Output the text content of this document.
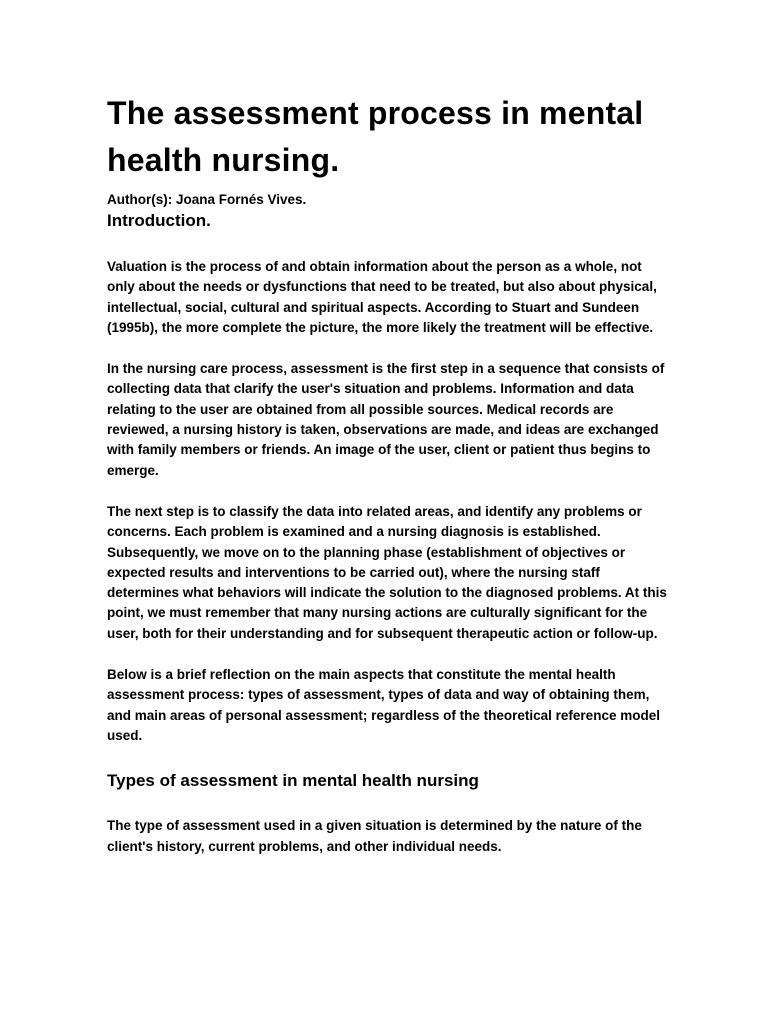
The assessment process in mental health nursing.

Author(s): Joana Fornés Vives.

Introduction.

Valuation is the process of and obtain information about the person as a whole, not only about the needs or dysfunctions that need to be treated, but also about physical, intellectual, social, cultural and spiritual aspects. According to Stuart and Sundeen (1995b), the more complete the picture, the more likely the treatment will be effective.

In the nursing care process, assessment is the first step in a sequence that consists of collecting data that clarify the user's situation and problems. Information and data relating to the user are obtained from all possible sources. Medical records are reviewed, a nursing history is taken, observations are made, and ideas are exchanged with family members or friends. An image of the user, client or patient thus begins to emerge.

The next step is to classify the data into related areas, and identify any problems or concerns. Each problem is examined and a nursing diagnosis is established. Subsequently, we move on to the planning phase (establishment of objectives or expected results and interventions to be carried out), where the nursing staff determines what behaviors will indicate the solution to the diagnosed problems. At this point, we must remember that many nursing actions are culturally significant for the user, both for their understanding and for subsequent therapeutic action or follow-up.

Below is a brief reflection on the main aspects that constitute the mental health assessment process: types of assessment, types of data and way of obtaining them, and main areas of personal assessment; regardless of the theoretical reference model used.

Types of assessment in mental health nursing

The type of assessment used in a given situation is determined by the nature of the client's history, current problems, and other individual needs.
